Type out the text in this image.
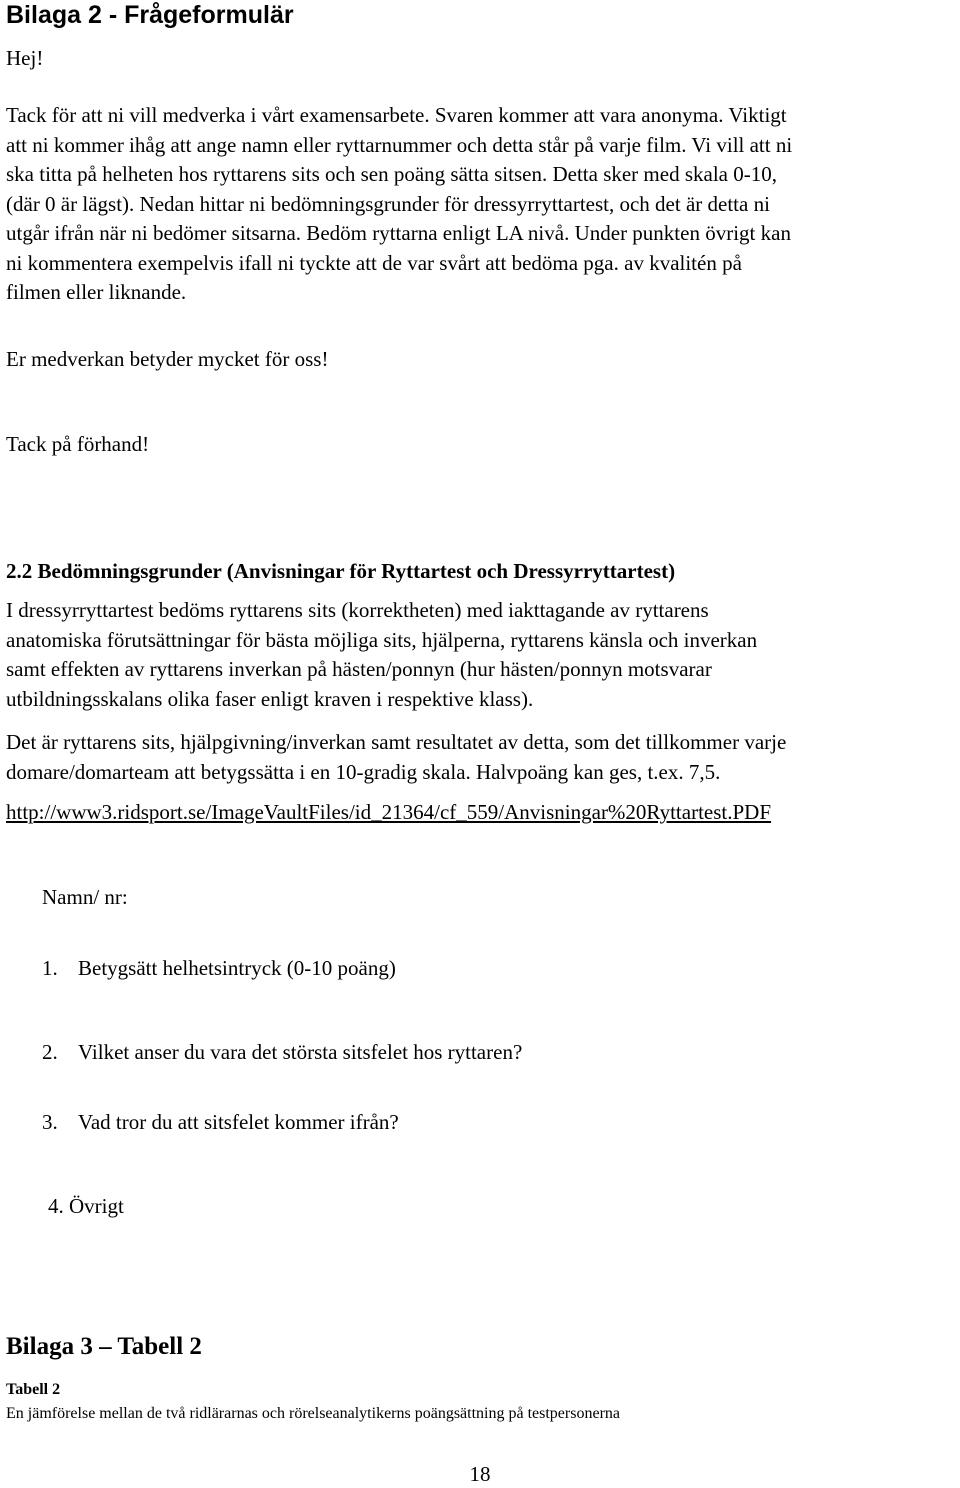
Bilaga 2 - Frågeformulär

Hej!

Tack för att ni vill medverka i vårt examensarbete. Svaren kommer att vara anonyma. Viktigt
att ni kommer ihåg att ange namn eller ryttarnummer och detta står på varje film. Vi vill att ni
ska titta på helheten hos ryttarens sits och sen poäng sätta sitsen. Detta sker med skala 0-10,
(där 0 är lägst). Nedan hittar ni bedömningsgrunder för dressyrryttartest, och det är detta ni
utgår ifrån när ni bedömer sitsarna. Bedöm ryttarna enligt LA nivå. Under punkten övrigt kan
ni kommentera exempelvis ifall ni tyckte att de var svårt att bedöma pga. av kvalitén på
filmen eller liknande.

Er medverkan betyder mycket för oss!

Tack på förhand!

2.2 Bedömningsgrunder (Anvisningar för Ryttartest och Dressyrryttartest)
I dressyrryttartest bedöms ryttarens sits (korrektheten) med iakttagande av ryttarens
anatomiska förutsättningar för bästa möjliga sits, hjälperna, ryttarens känsla och inverkan
samt effekten av ryttarens inverkan på hästen/ponnyn (hur hästen/ponnyn motsvarar
utbildningsskalans olika faser enligt kraven i respektive klass).
Det är ryttarens sits, hjälpgivning/inverkan samt resultatet av detta, som det tillkommer varje
domare/domarteam att betygssätta i en 10-gradig skala. Halvpoäng kan ges, t.ex. 7,5.
http://www3.ridsport.se/ImageVaultFiles/id_21364/cf_559/Anvisningar%20Ryttartest.PDF
Namn/ nr:
1. Betygsätt helhetsintryck (0-10 poäng)
2. Vilket anser du vara det största sitsfelet hos ryttaren?
3. Vad tror du att sitsfelet kommer ifrån?
4. Övrigt
Bilaga 3 – Tabell 2
Tabell 2
En jämförelse mellan de två ridlärarnas och rörelseanalytikerns poängsättning på testpersonerna
18
